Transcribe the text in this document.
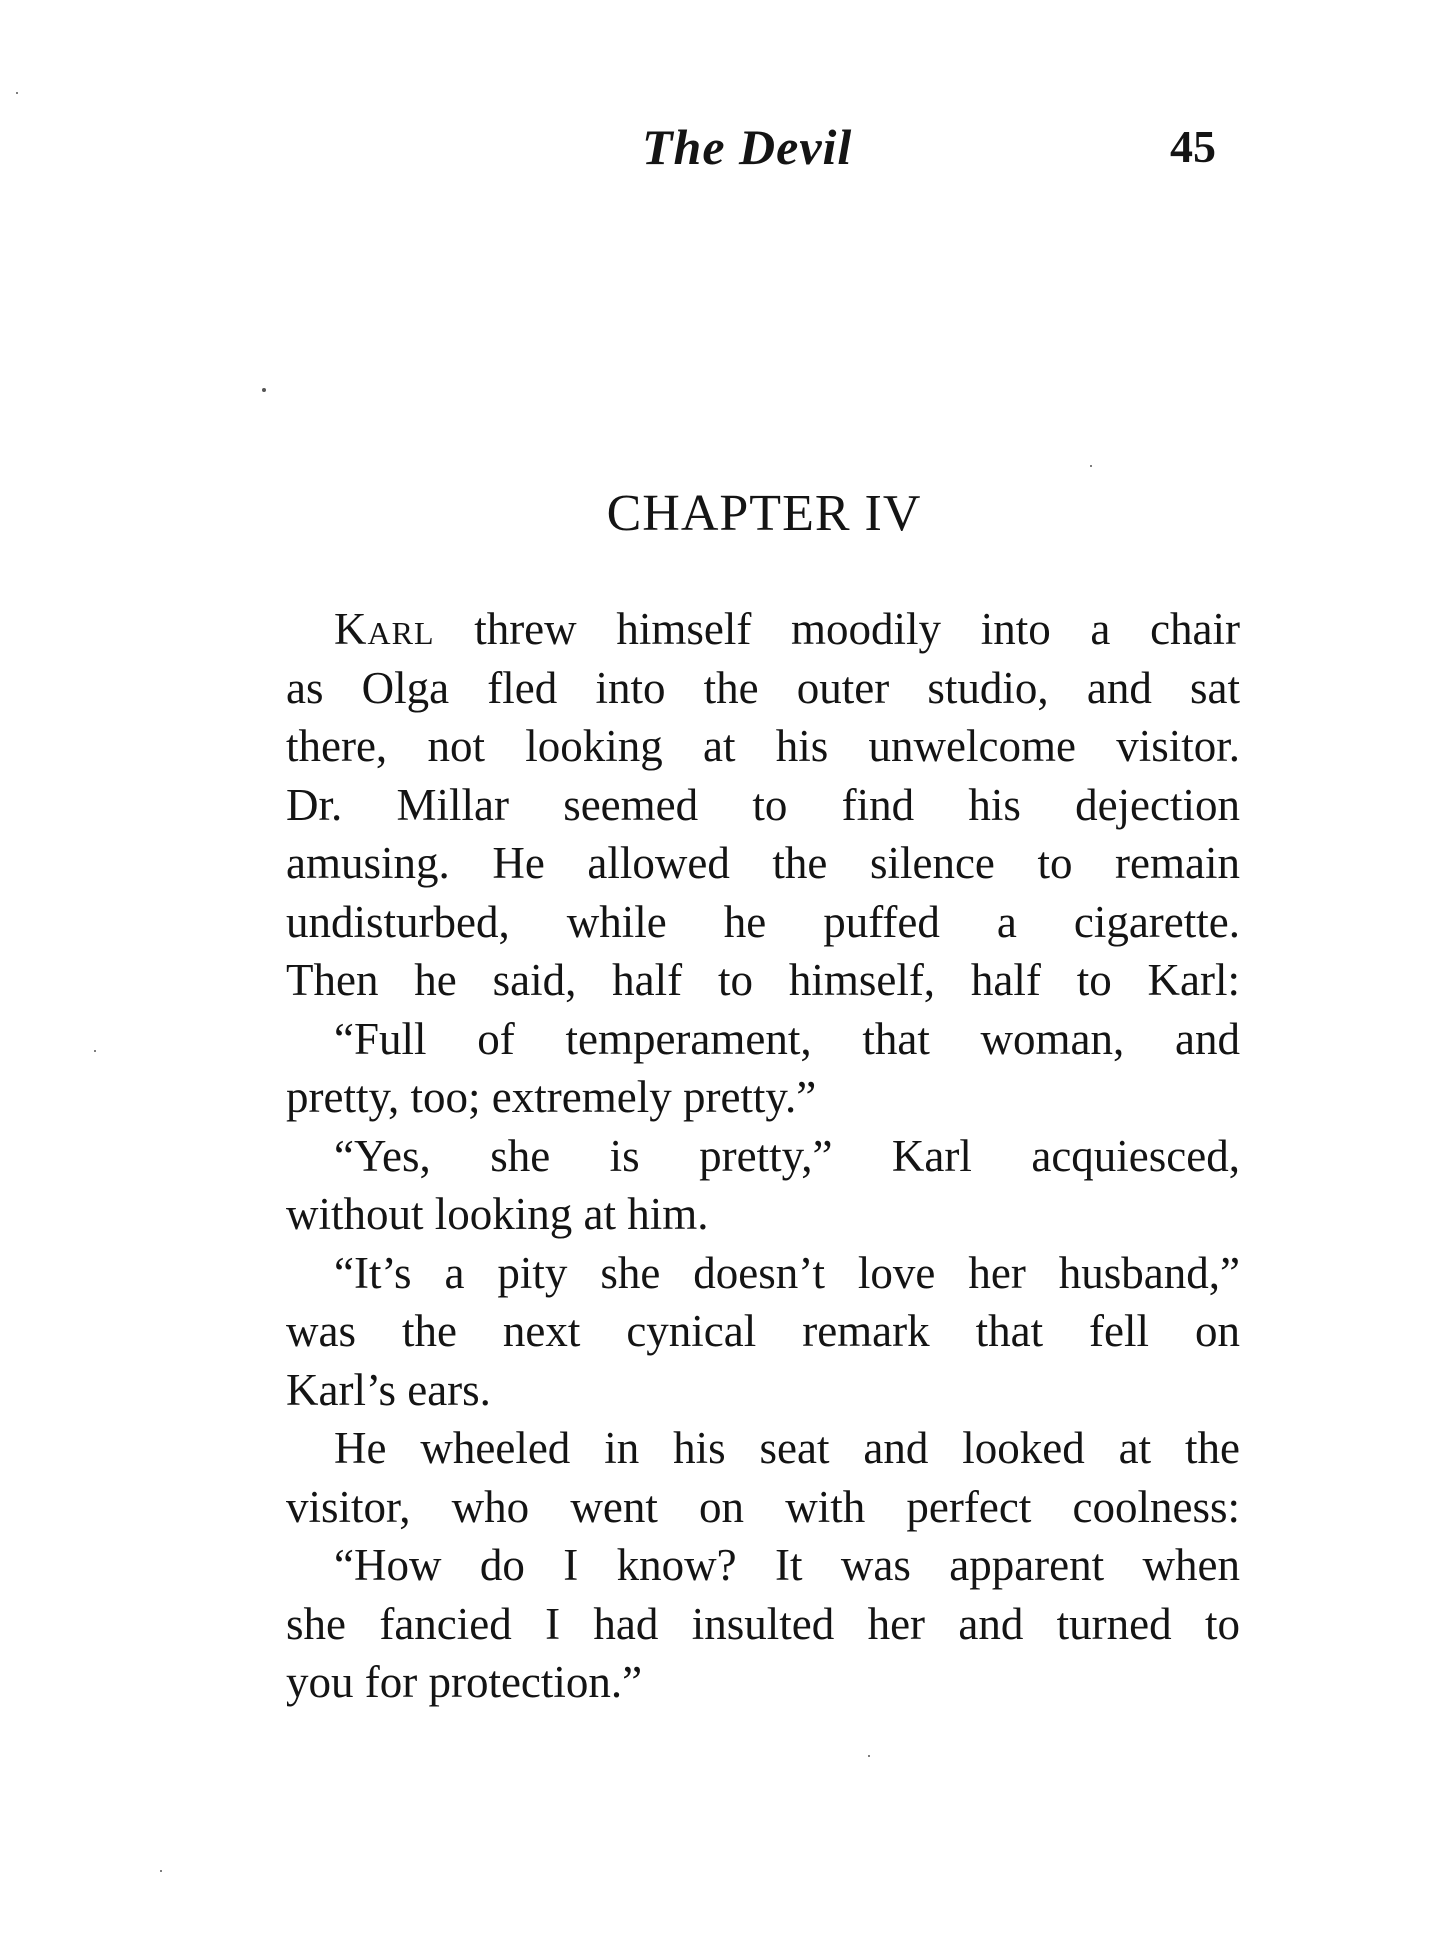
The Devil	45
CHAPTER IV
Karl threw himself moodily into a chair
as Olga fled into the outer studio, and sat
there, not looking at his unwelcome visitor.
Dr. Millar seemed to find his dejection
amusing. He allowed the silence to remain
undisturbed, while he puffed a cigarette.
Then he said, half to himself, half to Karl:
“Full of temperament, that woman, and
pretty, too; extremely pretty.”
“Yes, she is pretty,” Karl acquiesced,
without looking at him.
“It’s a pity she doesn’t love her husband,”
was the next cynical remark that fell on
Karl’s ears.
He wheeled in his seat and looked at the
visitor, who went on with perfect coolness:
“How do I know? It was apparent when
she fancied I had insulted her and turned to
you for protection.”
